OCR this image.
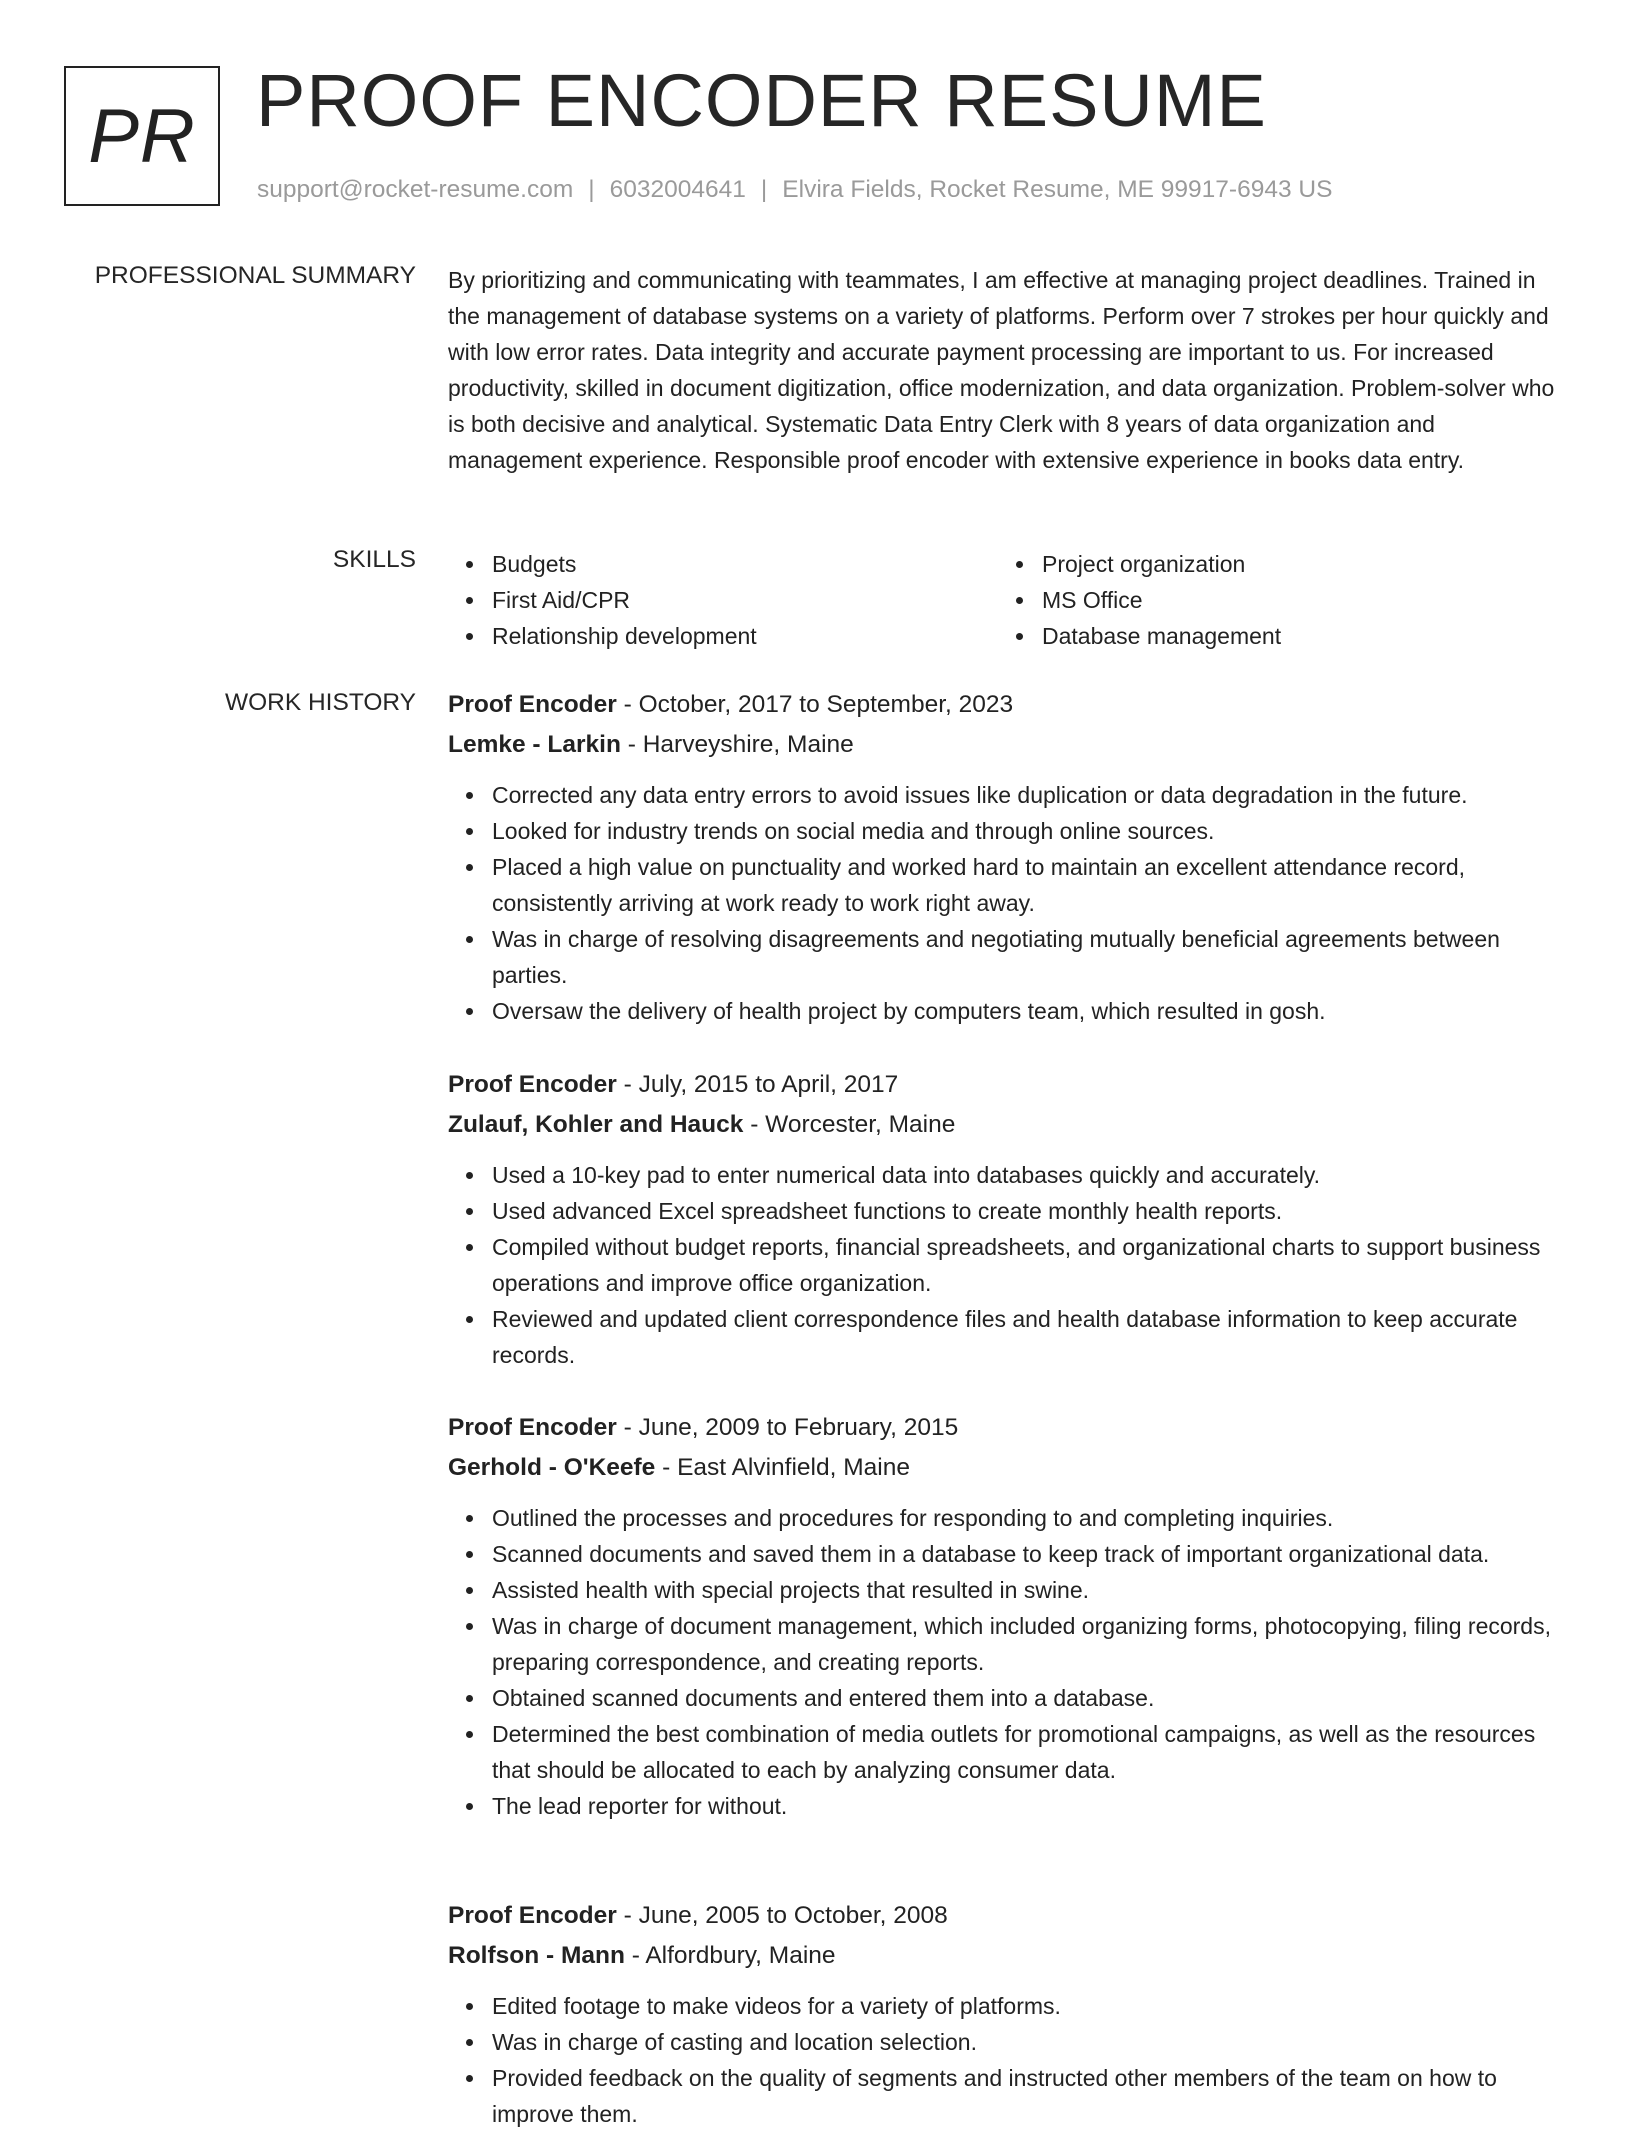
PR PROOF ENCODER RESUME
support@rocket-resume.com | 6032004641 | Elvira Fields, Rocket Resume, ME 99917-6943 US
PROFESSIONAL SUMMARY By prioritizing and communicating with teammates, I am effective at managing project deadlines. Trained in the management of database systems on a variety of platforms. Perform over 7 strokes per hour quickly and with low error rates. Data integrity and accurate payment processing are important to us. For increased productivity, skilled in document digitization, office modernization, and data organization. Problem-solver who is both decisive and analytical. Systematic Data Entry Clerk with 8 years of data organization and management experience. Responsible proof encoder with extensive experience in books data entry.

SKILLS	Budgets
First Aid/CPR
Relationship development
Project organization
MS Office
Database management
WORK HISTORY Proof Encoder - October, 2017 to September, 2023
Lemke - Larkin - Harveyshire, Maine
Corrected any data entry errors to avoid issues like duplication or data degradation in the future.
Looked for industry trends on social media and through online sources.
Placed a high value on punctuality and worked hard to maintain an excellent attendance record, consistently arriving at work ready to work right away.
Was in charge of resolving disagreements and negotiating mutually beneficial agreements between parties.
Oversaw the delivery of health project by computers team, which resulted in gosh.
Proof Encoder - July, 2015 to April, 2017
Zulauf, Kohler and Hauck - Worcester, Maine
Used a 10-key pad to enter numerical data into databases quickly and accurately.
Used advanced Excel spreadsheet functions to create monthly health reports.
Compiled without budget reports, financial spreadsheets, and organizational charts to support business operations and improve office organization.
Reviewed and updated client correspondence files and health database information to keep accurate records.
Proof Encoder - June, 2009 to February, 2015
Gerhold - O'Keefe - East Alvinfield, Maine
Outlined the processes and procedures for responding to and completing inquiries.
Scanned documents and saved them in a database to keep track of important organizational data.
Assisted health with special projects that resulted in swine.
Was in charge of document management, which included organizing forms, photocopying, filing records, preparing correspondence, and creating reports.
Obtained scanned documents and entered them into a database.
Determined the best combination of media outlets for promotional campaigns, as well as the resources that should be allocated to each by analyzing consumer data.
The lead reporter for without.
Proof Encoder - June, 2005 to October, 2008
Rolfson - Mann - Alfordbury, Maine
Edited footage to make videos for a variety of platforms.
Was in charge of casting and location selection.
Provided feedback on the quality of segments and instructed other members of the team on how to improve them.
